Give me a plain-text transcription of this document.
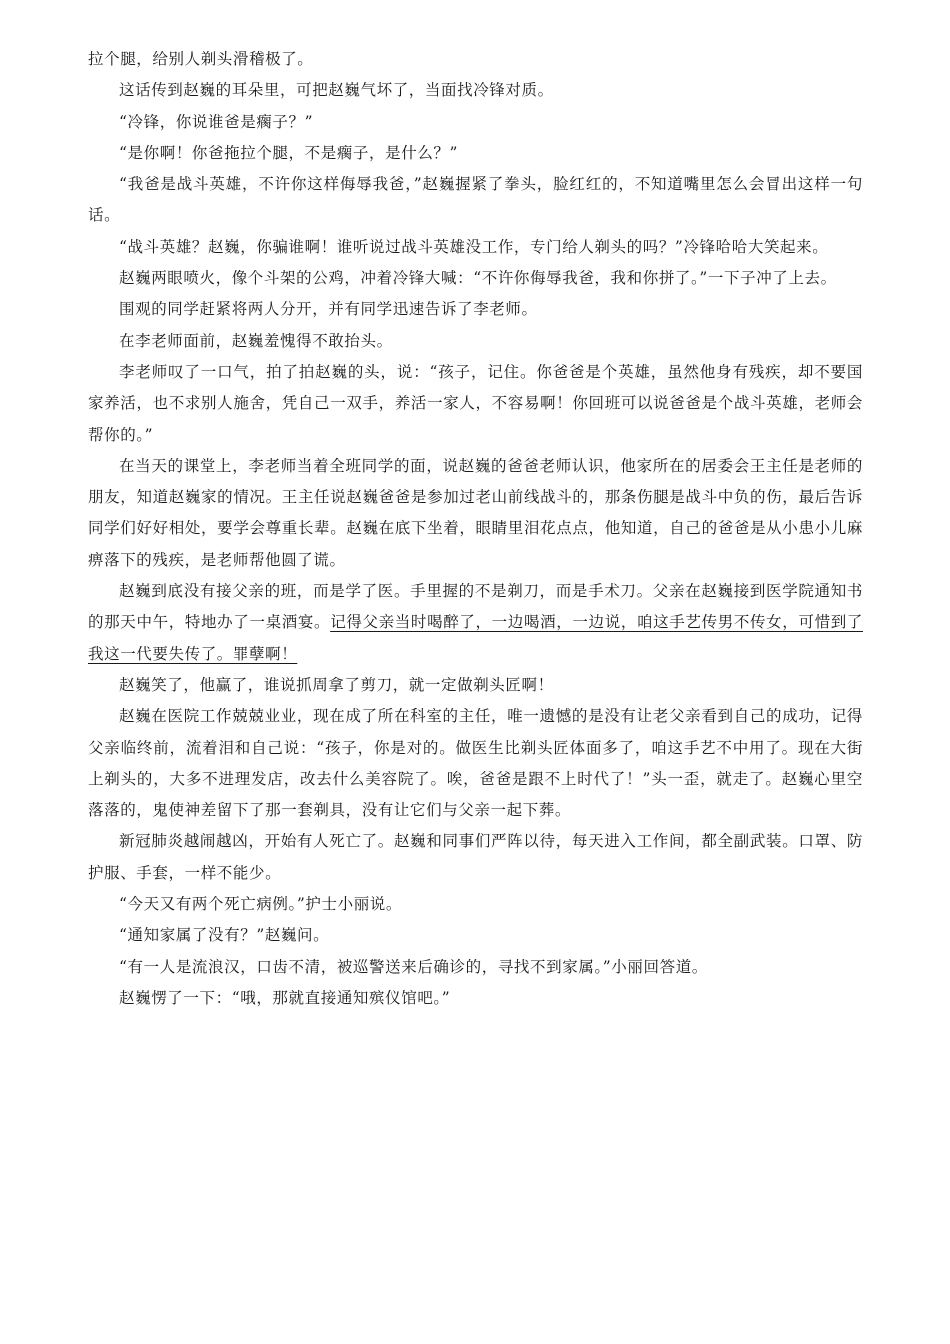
拉个腿，给别人剃头滑稽极了。

这话传到赵巍的耳朵里，可把赵巍气坏了，当面找冷锋对质。

“冷锋，你说谁爸是瘸子？”

“是你啊！你爸拖拉个腿，不是瘸子，是什么？”

“我爸是战斗英雄，不许你这样侮辱我爸，”赵巍握紧了拳头，脸红红的，不知道嘴里怎么会冒出这样一句话。

“战斗英雄？赵巍，你骗谁啊！谁听说过战斗英雄没工作，专门给人剃头的吗？”冷锋哈哈大笑起来。

赵巍两眼喷火，像个斗架的公鸡，冲着冷锋大喊：“不许你侮辱我爸，我和你拼了。”一下子冲了上去。

围观的同学赶紧将两人分开，并有同学迅速告诉了李老师。

在李老师面前，赵巍羞愧得不敢抬头。

李老师叹了一口气，拍了拍赵巍的头，说：“孩子，记住。你爸爸是个英雄，虽然他身有残疾，却不要国家养活，也不求别人施舍，凭自己一双手，养活一家人，不容易啊！你回班可以说爸爸是个战斗英雄，老师会帮你的。”

在当天的课堂上，李老师当着全班同学的面，说赵巍的爸爸老师认识，他家所在的居委会王主任是老师的朋友，知道赵巍家的情况。王主任说赵巍爸爸是参加过老山前线战斗的，那条伤腿是战斗中负的伤，最后告诉同学们好好相处，要学会尊重长辈。赵巍在底下坐着，眼睛里泪花点点，他知道，自己的爸爸是从小患小儿麻痹落下的残疾，是老师帮他圆了谎。

赵巍到底没有接父亲的班，而是学了医。手里握的不是剃刀，而是手术刀。父亲在赵巍接到医学院通知书的那天中午，特地办了一桌酒宴。记得父亲当时喝醉了，一边喝酒，一边说，咱这手艺传男不传女，可惜到了我这一代要失传了。罪孽啊！

赵巍笑了，他赢了，谁说抓周拿了剪刀，就一定做剃头匠啊！

赵巍在医院工作兢兢业业，现在成了所在科室的主任，唯一遗憾的是没有让老父亲看到自己的成功，记得父亲临终前，流着泪和自己说：“孩子，你是对的。做医生比剃头匠体面多了，咱这手艺不中用了。现在大街上剃头的，大多不进理发店，改去什么美容院了。唉，爸爸是跟不上时代了！”头一歪，就走了。赵巍心里空落落的，鬼使神差留下了那一套剃具，没有让它们与父亲一起下葬。

新冠肺炎越闹越凶，开始有人死亡了。赵巍和同事们严阵以待，每天进入工作间，都全副武装。口罩、防护服、手套，一样不能少。

“今天又有两个死亡病例。”护士小丽说。

“通知家属了没有？”赵巍问。

“有一人是流浪汉，口齿不清，被巡警送来后确诊的，寻找不到家属。”小丽回答道。

赵巍愣了一下：“哦，那就直接通知殡仪馆吧。”
